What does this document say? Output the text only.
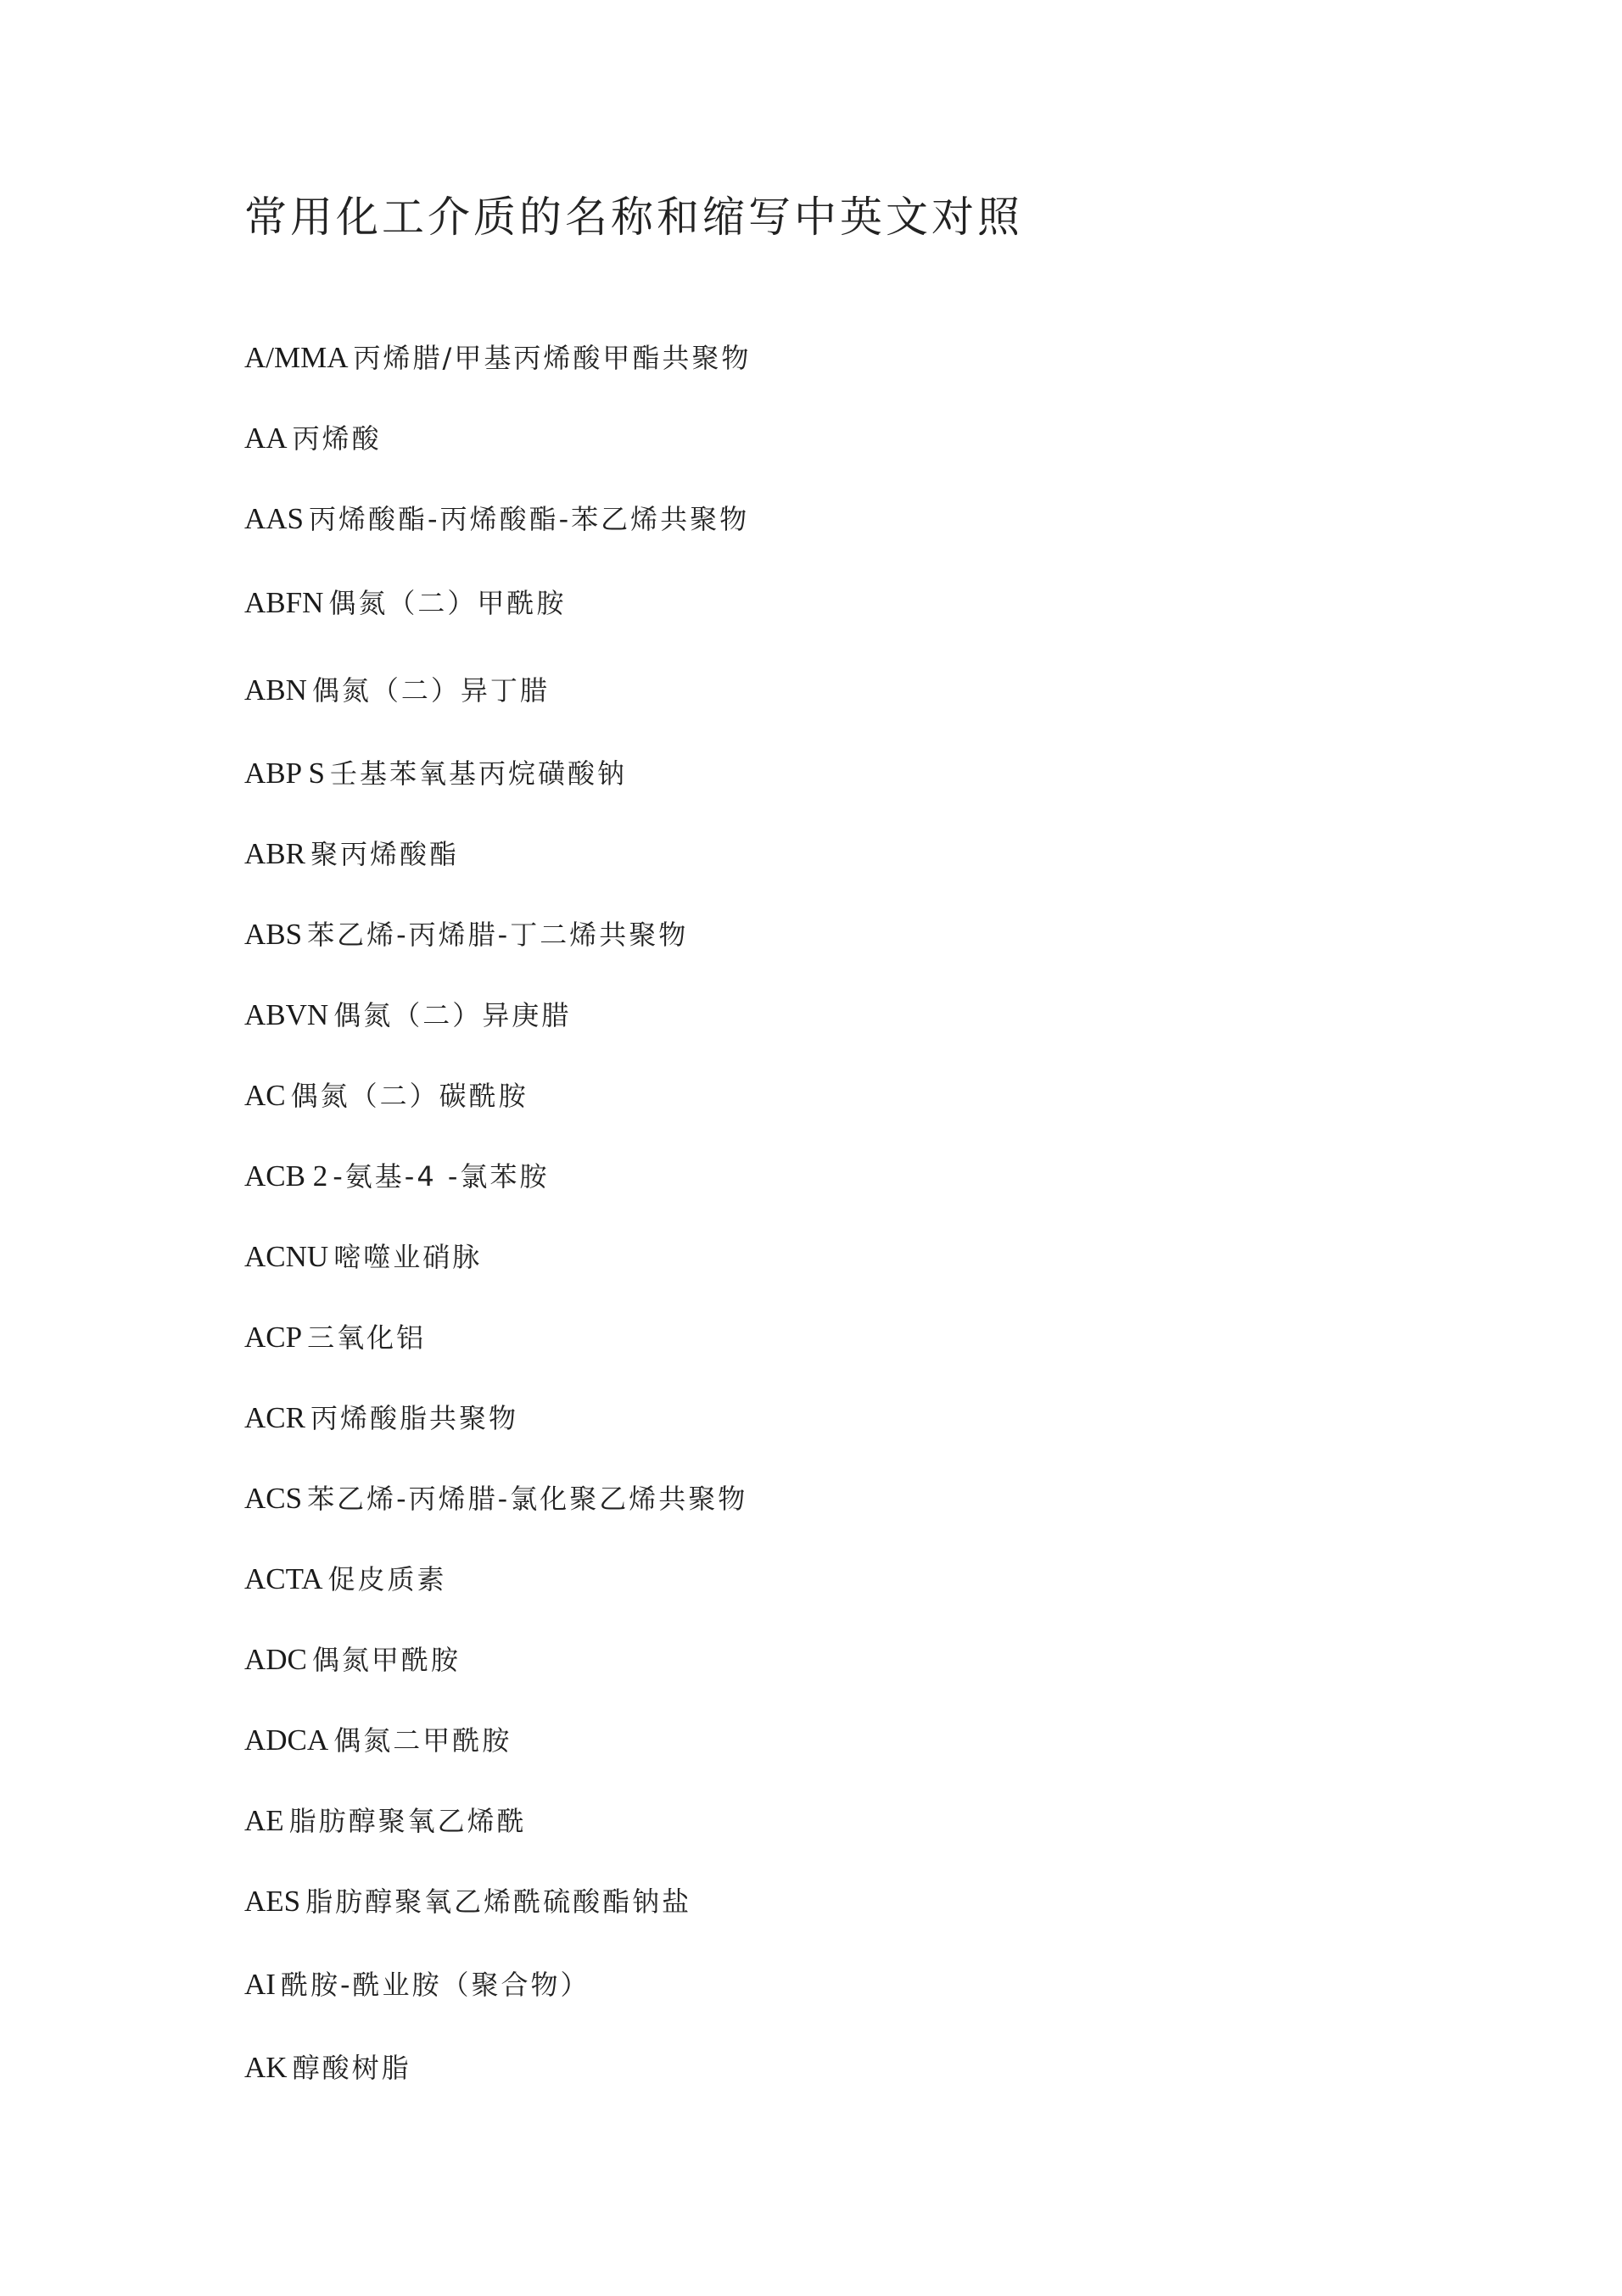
常用化工介质的名称和缩写中英文对照
A/MMA 丙烯腊/甲基丙烯酸甲酯共聚物
AA 丙烯酸
AAS 丙烯酸酯-丙烯酸酯-苯乙烯共聚物
ABFN 偶氮（二）甲酰胺
ABN 偶氮（二）异丁腊
ABP S 壬基苯氧基丙烷磺酸钠
ABR 聚丙烯酸酯
ABS 苯乙烯-丙烯腊-丁二烯共聚物
ABVN 偶氮（二）异庚腊
AC 偶氮（二）碳酰胺
ACB 2 -氨基-4 -氯苯胺
ACNU 嘧噬业硝脉
ACP 三氧化铝
ACR 丙烯酸脂共聚物
ACS 苯乙烯-丙烯腊-氯化聚乙烯共聚物
ACTA 促皮质素
ADC 偶氮甲酰胺
ADCA 偶氮二甲酰胺
AE 脂肪醇聚氧乙烯酰
AES 脂肪醇聚氧乙烯酰硫酸酯钠盐
AI 酰胺-酰业胺（聚合物）
AK 醇酸树脂
